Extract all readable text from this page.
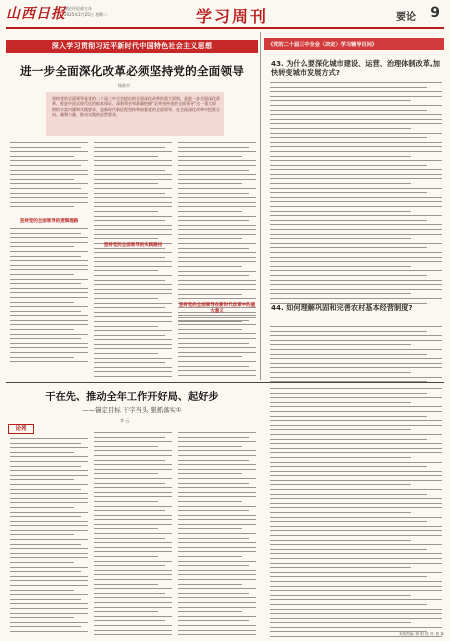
山西日报
理论评论部主办
2025年2月25日 星期二	学习周刊	要论 9
深入学习贯彻习近平新时代中国特色社会主义思想
进一步全面深化改革必须坚持党的全面领导
杨准市
坚持党的全面领导是党的二十届三中全会提出的全面深化改革的重大原则，是进一步全面深化改革、推进中国式现代化的根本保证。深刻领会和准确把握“必须坚持党的全面领导”这一重大原则的丰富内涵和实践要求，是新时代新征程坚持和加强党的全面领导、在全面深化改革中把准方向、凝聚力量、推动实践的必然要求。
坚持党的全面领导的逻辑理路
坚持党的全面领导的实践路径
坚持党的全面领导在新时代改革中的重大意义
《党的二十届三中全会〈决定〉学习辅导百问》
43. 为什么要深化城市建设、运营、治理体制改革,加快转变城市发展方式?
44. 如何理解巩固和完善农村基本经营制度?
干在先、推动全年工作开好局、起好步
——锚定目标 干字当头 狠抓落实①
李 云
论苑
本版责编: 韩 阳 校 对: 程 林
